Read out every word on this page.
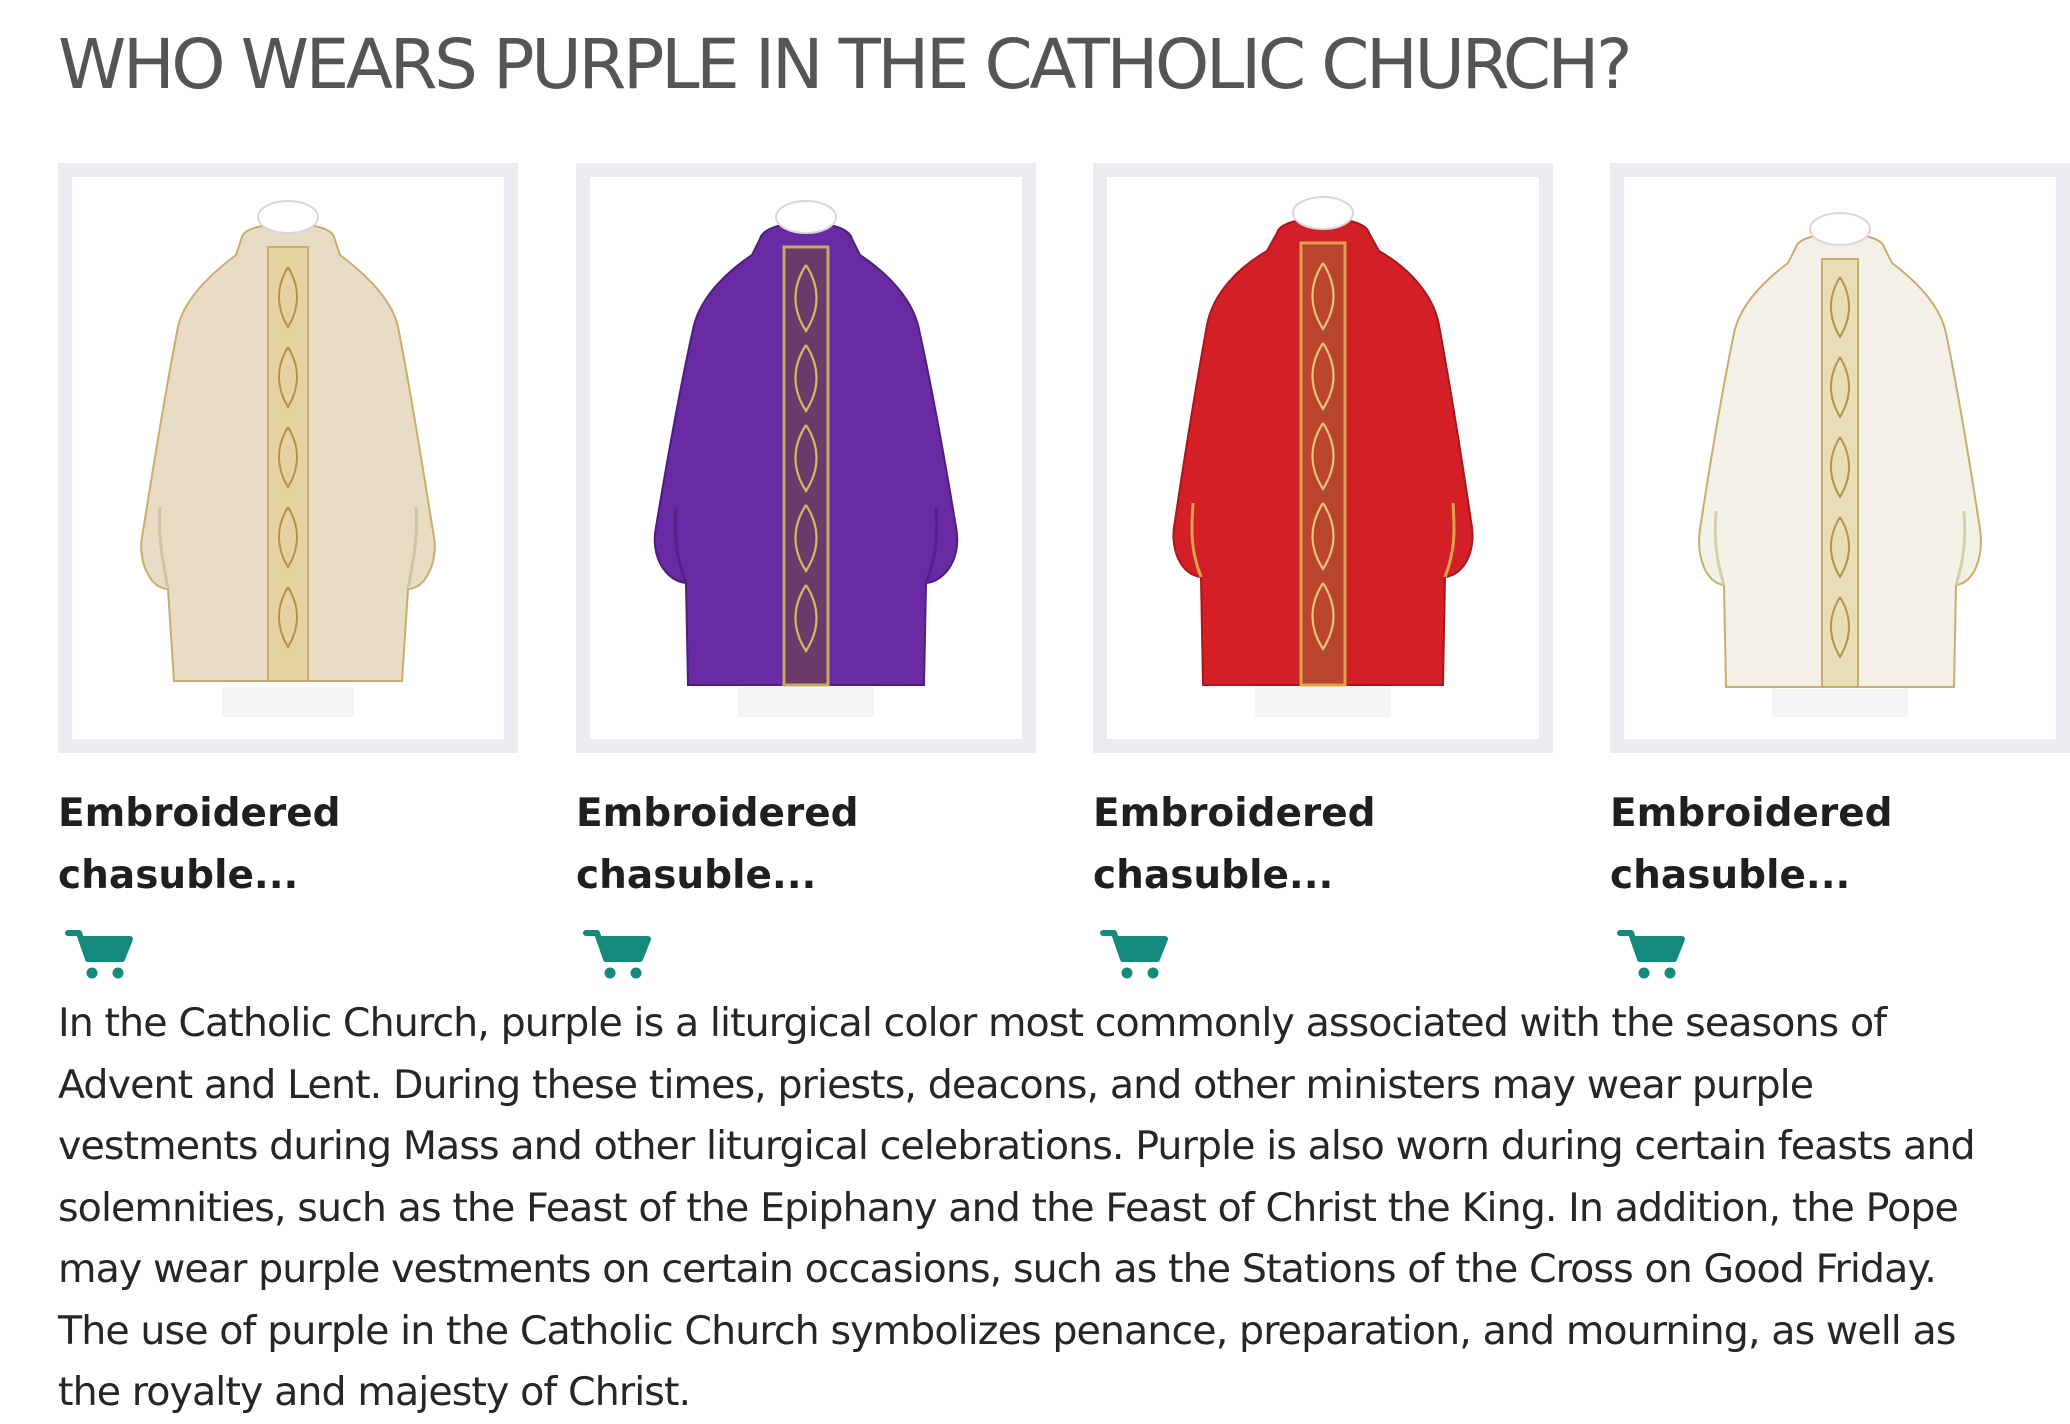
WHO WEARS PURPLE IN THE CATHOLIC CHURCH?
Embroidered
chasuble...
Embroidered
chasuble...
Embroidered
chasuble...
Embroidered
chasuble...

In the Catholic Church, purple is a liturgical color most commonly associated with the seasons of Advent and Lent. During these times, priests, deacons, and other ministers may wear purple vestments during Mass and other liturgical celebrations. Purple is also worn during certain feasts and solemnities, such as the Feast of the Epiphany and the Feast of Christ the King. In addition, the Pope may wear purple vestments on certain occasions, such as the Stations of the Cross on Good Friday. The use of purple in the Catholic Church symbolizes penance, preparation, and mourning, as well as the royalty and majesty of Christ.
